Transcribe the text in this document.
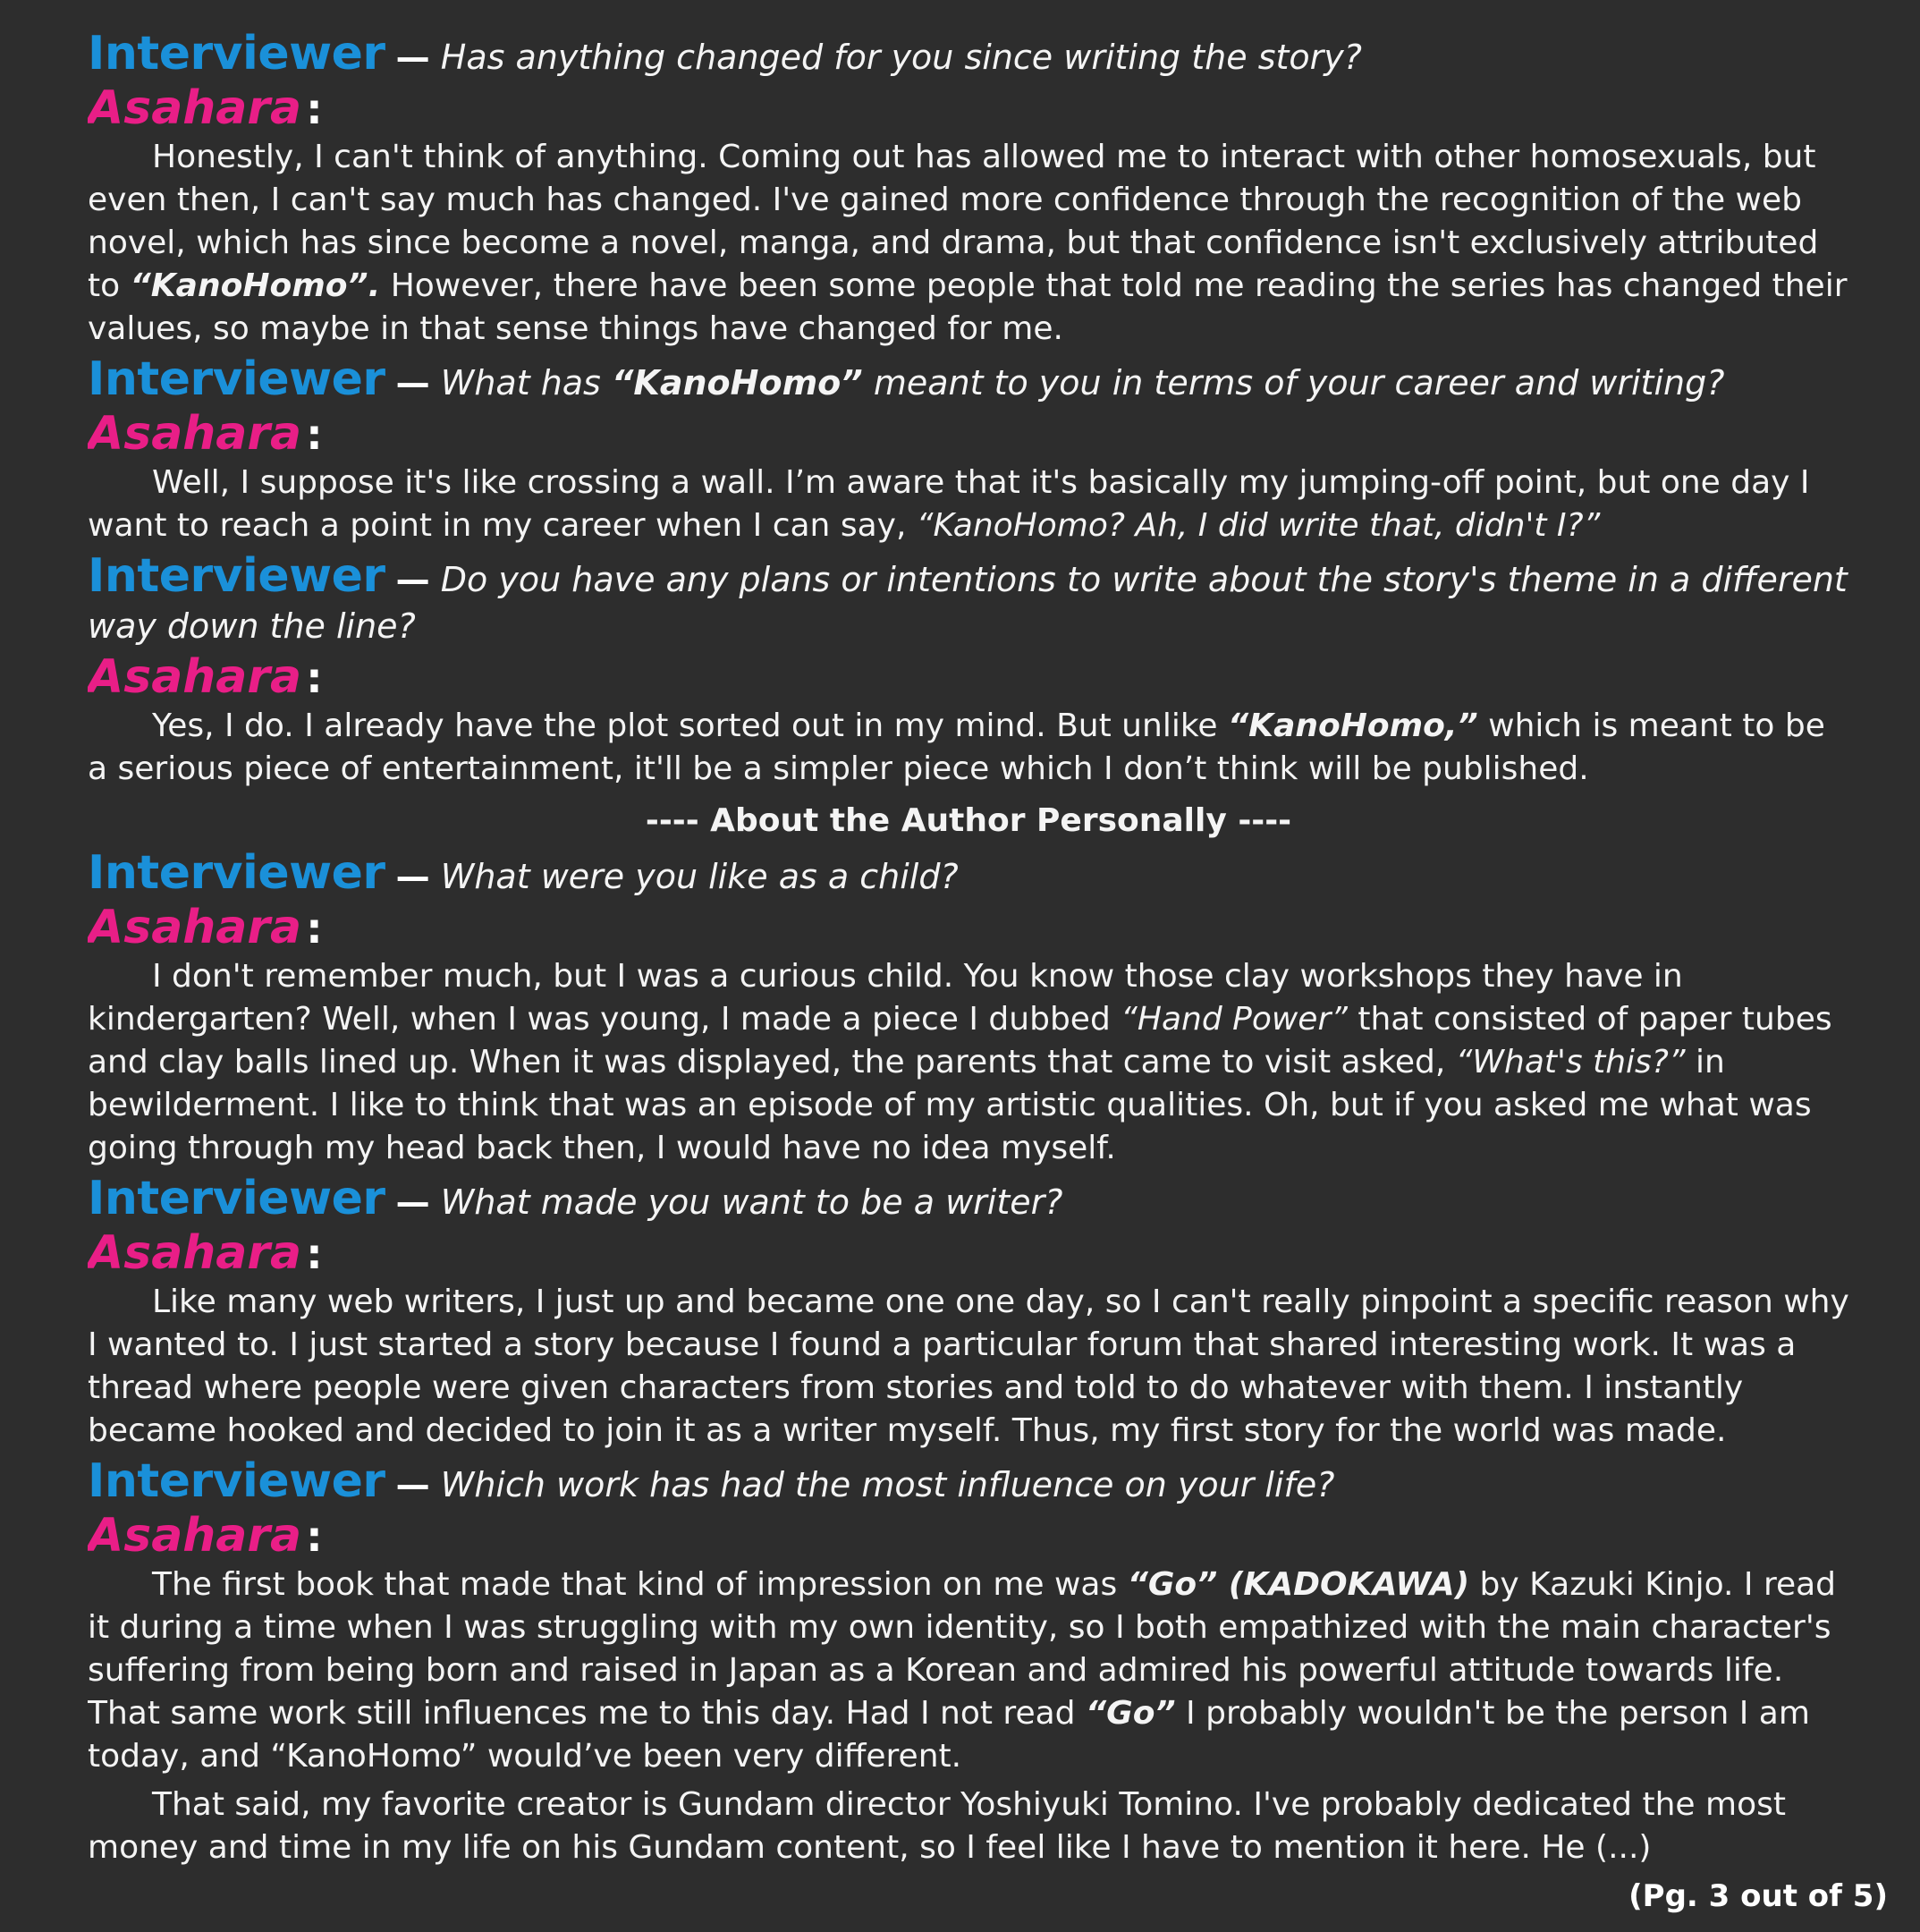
Interviewer — Has anything changed for you since writing the story?

Asahara :

Honestly, I can't think of anything. Coming out has allowed me to interact with other homosexuals, but even then, I can't say much has changed. I've gained more confidence through the recognition of the web novel, which has since become a novel, manga, and drama, but that confidence isn't exclusively attributed to “KanoHomo”. However, there have been some people that told me reading the series has changed their values, so maybe in that sense things have changed for me.

Interviewer — What has “KanoHomo” meant to you in terms of your career and writing?

Asahara :

Well, I suppose it's like crossing a wall. I’m aware that it's basically my jumping-off point, but one day I want to reach a point in my career when I can say, “KanoHomo? Ah, I did write that, didn't I?”

Interviewer — Do you have any plans or intentions to write about the story's theme in a different way down the line?

Asahara :

Yes, I do. I already have the plot sorted out in my mind. But unlike “KanoHomo,” which is meant to be a serious piece of entertainment, it'll be a simpler piece which I don’t think will be published.

---- About the Author Personally ----

Interviewer — What were you like as a child?

Asahara :

I don't remember much, but I was a curious child. You know those clay workshops they have in kindergarten? Well, when I was young, I made a piece I dubbed “Hand Power” that consisted of paper tubes and clay balls lined up. When it was displayed, the parents that came to visit asked, “What's this?” in bewilderment. I like to think that was an episode of my artistic qualities. Oh, but if you asked me what was going through my head back then, I would have no idea myself.

Interviewer — What made you want to be a writer?

Asahara :

Like many web writers, I just up and became one one day, so I can't really pinpoint a specific reason why I wanted to. I just started a story because I found a particular forum that shared interesting work. It was a thread where people were given characters from stories and told to do whatever with them. I instantly became hooked and decided to join it as a writer myself. Thus, my first story for the world was made.

Interviewer — Which work has had the most influence on your life?

Asahara :

The first book that made that kind of impression on me was “Go” (KADOKAWA) by Kazuki Kinjo. I read it during a time when I was struggling with my own identity, so I both empathized with the main character's suffering from being born and raised in Japan as a Korean and admired his powerful attitude towards life. That same work still influences me to this day. Had I not read “Go” I probably wouldn't be the person I am today, and “KanoHomo” would’ve been very different.

That said, my favorite creator is Gundam director Yoshiyuki Tomino. I've probably dedicated the most money and time in my life on his Gundam content, so I feel like I have to mention it here. He (...)

(Pg. 3 out of 5)
